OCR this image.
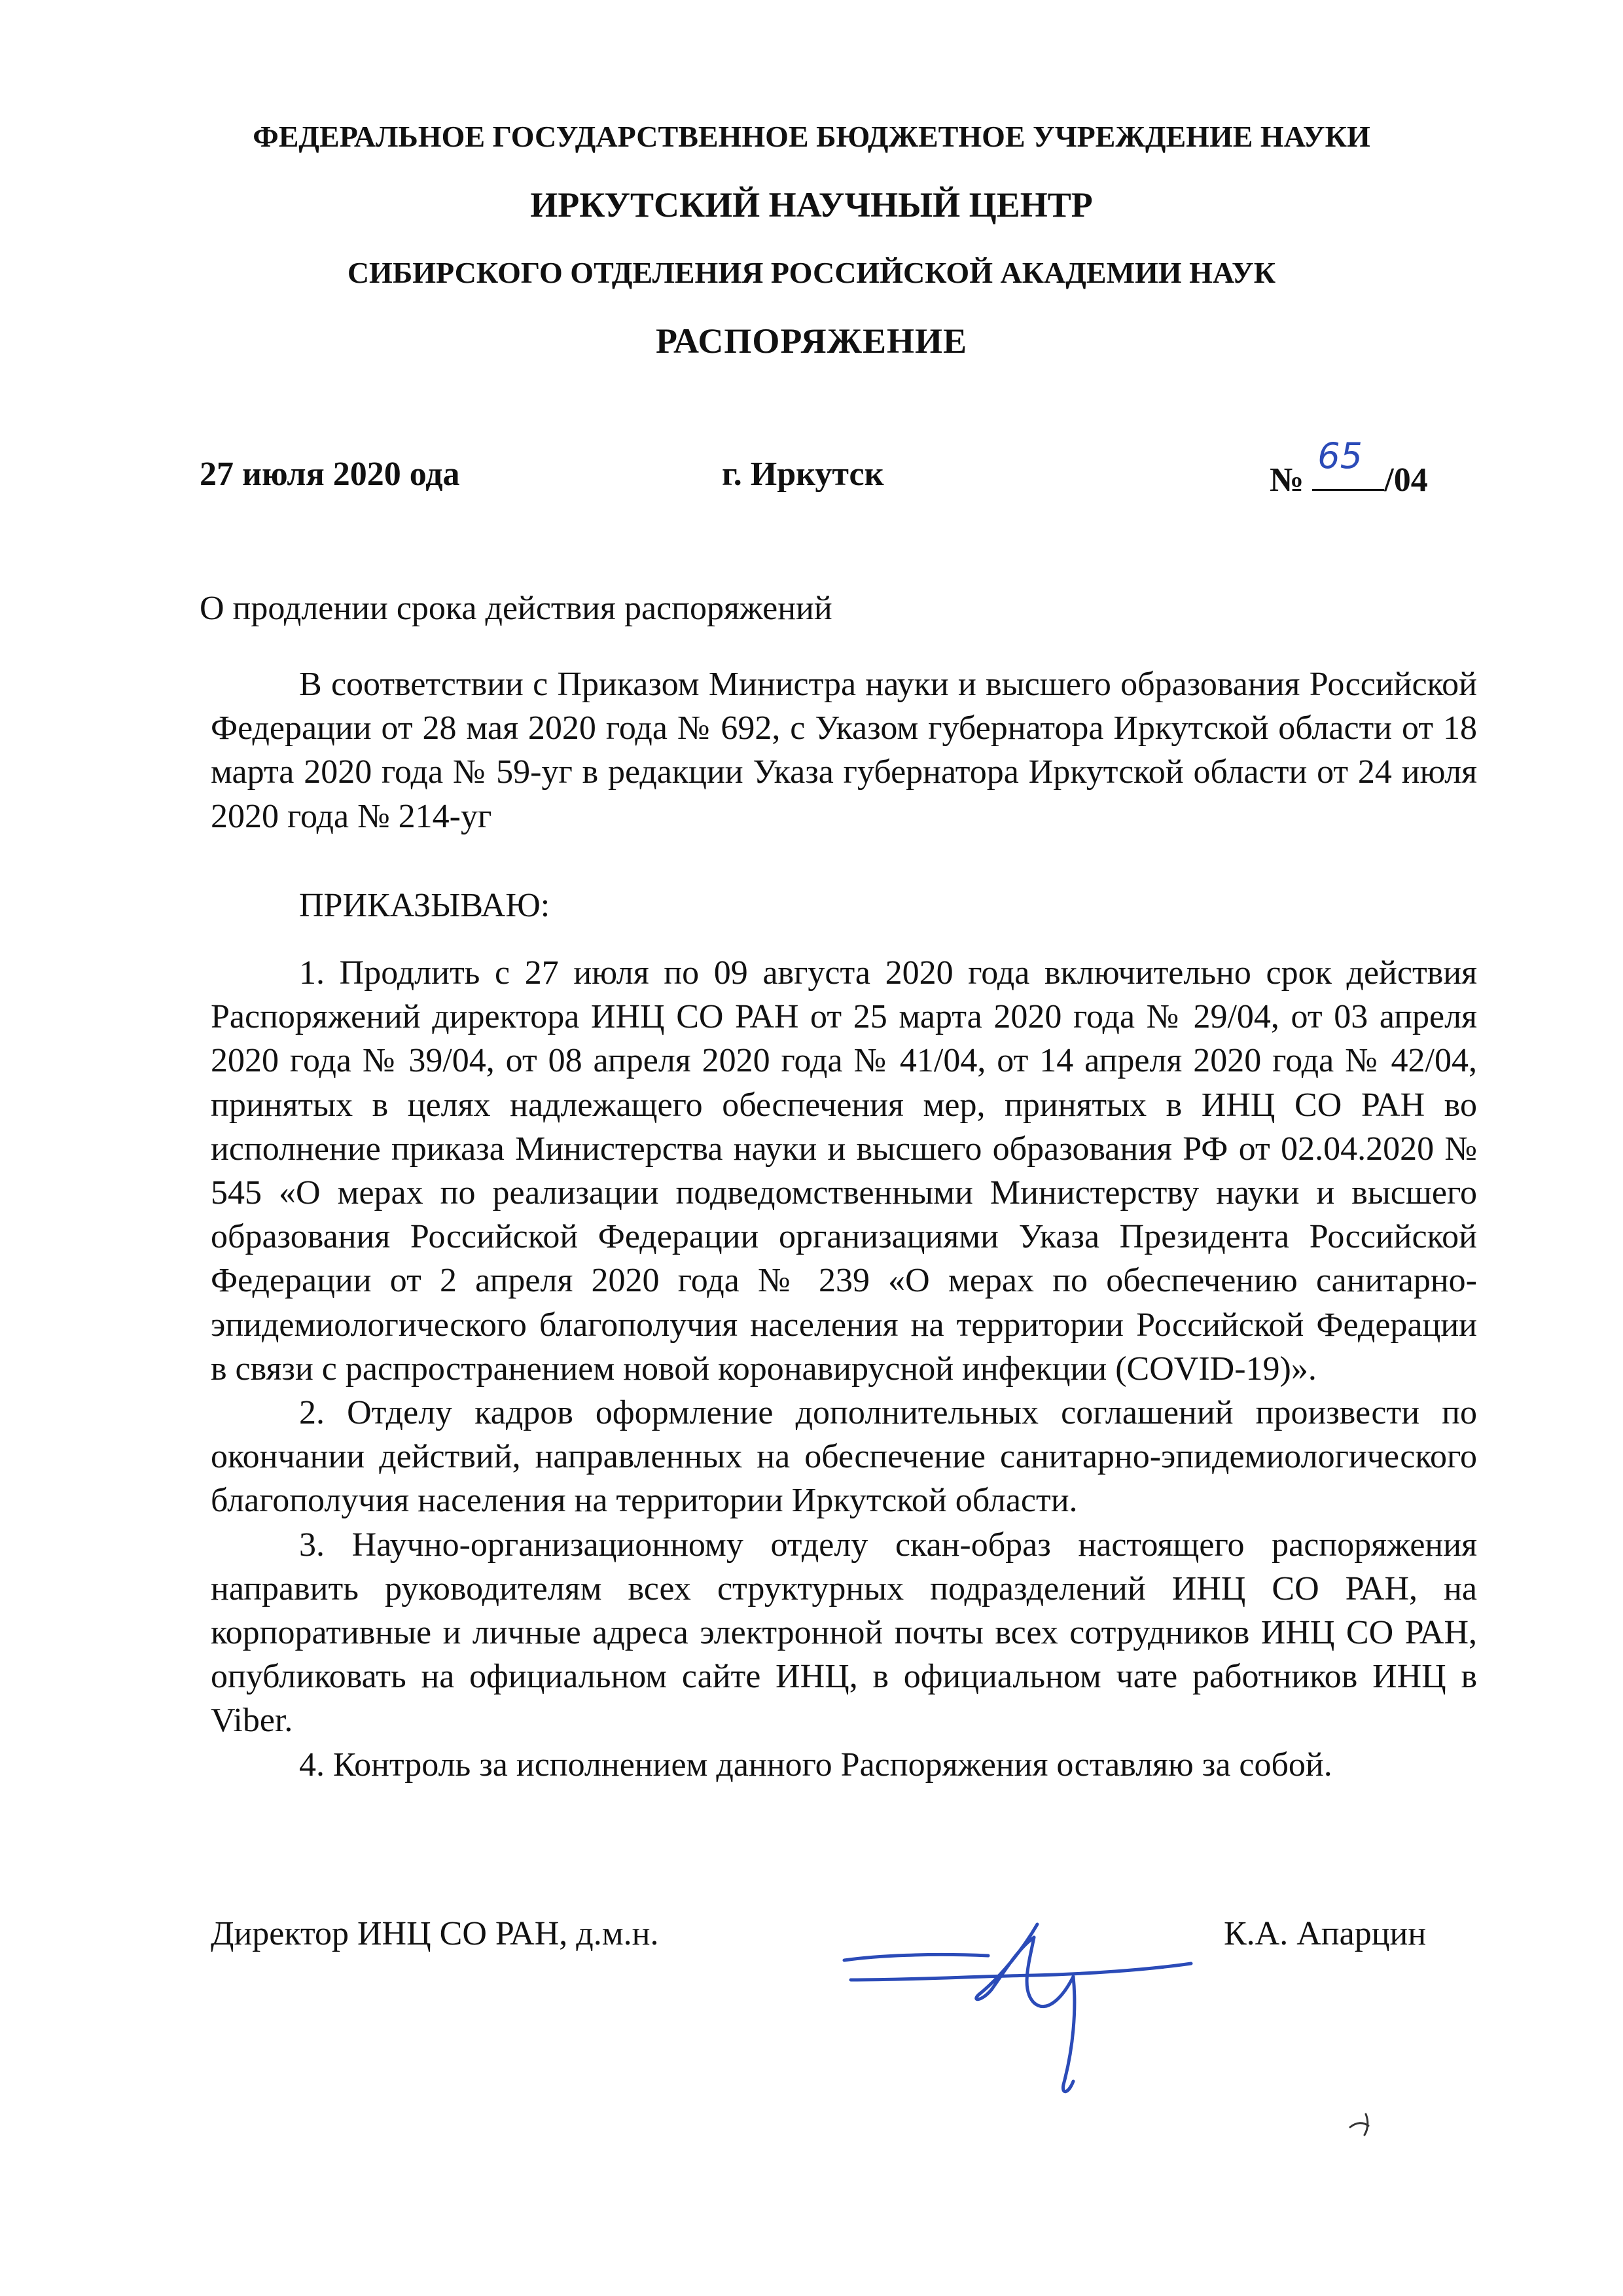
ФЕДЕРАЛЬНОЕ ГОСУДАРСТВЕННОЕ БЮДЖЕТНОЕ УЧРЕЖДЕНИЕ НАУКИ
ИРКУТСКИЙ НАУЧНЫЙ ЦЕНТР
СИБИРСКОГО ОТДЕЛЕНИЯ РОССИЙСКОЙ АКАДЕМИИ НАУК
РАСПОРЯЖЕНИЕ
27 июля 2020 ода	г. Иркутск	№
65
/04
О продлении срока действия распоряжений

В соответствии с Приказом Министра науки и высшего образования Российской Федерации от 28 мая 2020 года № 692, с Указом губернатора Иркутской области от 18 марта 2020 года № 59-уг в редакции Указа губернатора Иркутской области от 24 июля 2020 года № 214-уг

ПРИКАЗЫВАЮ:

1. Продлить с 27 июля по 09 августа 2020 года включительно срок действия Распоряжений директора ИНЦ СО РАН от 25 марта 2020 года № 29/04, от 03 апреля 2020 года № 39/04, от 08 апреля 2020 года № 41/04, от 14 апреля 2020 года № 42/04, принятых в целях надлежащего обеспечения мер, принятых в ИНЦ СО РАН во исполнение приказа Министерства науки и высшего образования РФ от 02.04.2020 № 545 «О мерах по реализации подведомственными Министерству науки и высшего образования Российской Федерации организациями Указа Президента Российской Федерации от 2 апреля 2020 года № 239 «О мерах по обеспечению санитарно-эпидемиологического благополучия населения на территории Российской Федерации в связи с распространением новой коронавирусной инфекции (COVID-19)».

2. Отделу кадров оформление дополнительных соглашений произвести по окончании действий, направленных на обеспечение санитарно-эпидемиологического благополучия населения на территории Иркутской области.

3. Научно-организационному отделу скан-образ настоящего распоряжения направить руководителям всех структурных подразделений ИНЦ СО РАН, на корпоративные и личные адреса электронной почты всех сотрудников ИНЦ СО РАН, опубликовать на официальном сайте ИНЦ, в официальном чате работников ИНЦ в Viber.

4. Контроль за исполнением данного Распоряжения оставляю за собой.

Директор ИНЦ СО РАН, д.м.н.	К.А. Апарцин
